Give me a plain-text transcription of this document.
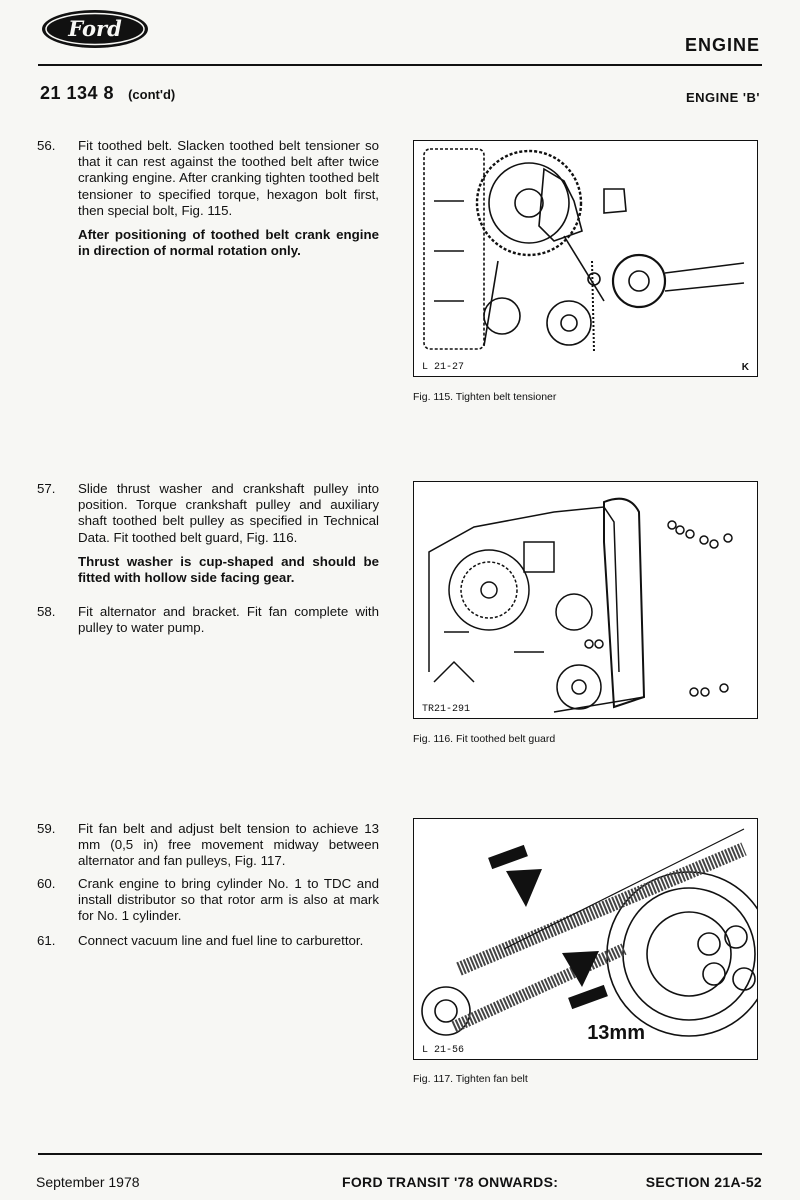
Ford
ENGINE
21 134 8 (cont'd)	ENGINE 'B'
56. Fit toothed belt. Slacken toothed belt tensioner so that it can rest against the toothed belt after twice cranking engine. After cranking tighten toothed belt tensioner to specified torque, hexagon bolt first, then special bolt, Fig. 115.
After positioning of toothed belt crank engine in direction of normal rotation only.
57. Slide thrust washer and crankshaft pulley into position. Torque crankshaft pulley and auxiliary shaft toothed belt pulley as specified in Technical Data. Fit toothed belt guard, Fig. 116.
Thrust washer is cup-shaped and should be fitted with hollow side facing gear.
58. Fit alternator and bracket. Fit fan complete with pulley to water pump.
59. Fit fan belt and adjust belt tension to achieve 13 mm (0,5 in) free movement midway between alternator and fan pulleys, Fig. 117.
60. Crank engine to bring cylinder No. 1 to TDC and install distributor so that rotor arm is also at mark for No. 1 cylinder.
61. Connect vacuum line and fuel line to carburettor.
L 21-27	K
Fig. 115. Tighten belt tensioner
TR21-291
Fig. 116. Fit toothed belt guard
L 21-56
13mm
Fig. 117. Tighten fan belt
September 1978	FORD TRANSIT '78 ONWARDS:	SECTION 21A-52
